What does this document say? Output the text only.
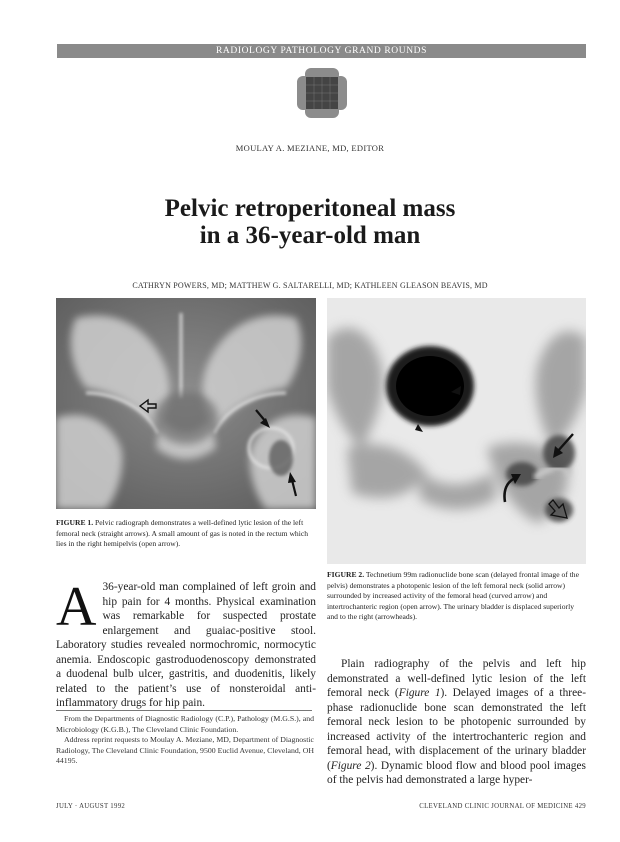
RADIOLOGY PATHOLOGY GRAND ROUNDS
MOULAY A. MEZIANE, MD, EDITOR
Pelvic retroperitoneal mass
in a 36-year-old man
CATHRYN POWERS, MD; MATTHEW G. SALTARELLI, MD; KATHLEEN GLEASON BEAVIS, MD
FIGURE 1. Pelvic radiograph demonstrates a well-defined lytic lesion of the left femoral neck (straight arrows). A small amount of gas is noted in the rectum which lies in the right hemipelvis (open arrow).
FIGURE 2. Technetium 99m radionuclide bone scan (delayed frontal image of the pelvis) demonstrates a photopenic lesion of the left femoral neck (solid arrow) surrounded by increased activity of the femoral head (curved arrow) and intertrochanteric region (open arrow). The urinary bladder is displaced superiorly and to the right (arrowheads).
A 36-year-old man complained of left groin and hip pain for 4 months. Physical examination was remarkable for suspected prostate enlargement and guaiac-positive stool. Laboratory studies revealed normochromic, normocytic anemia. Endoscopic gastroduodenoscopy demonstrated a duodenal bulb ulcer, gastritis, and duodenitis, likely related to the patient’s use of nonsteroidal anti-inflammatory drugs for hip pain.

From the Departments of Diagnostic Radiology (C.P.), Pathology (M.G.S.), and Microbiology (K.G.B.), The Cleveland Clinic Foundation.

Address reprint requests to Moulay A. Meziane, MD, Department of Diagnostic Radiology, The Cleveland Clinic Foundation, 9500 Euclid Avenue, Cleveland, OH 44195.

Plain radiography of the pelvis and left hip demonstrated a well-defined lytic lesion of the left femoral neck (Figure 1). Delayed images of a three-phase radionuclide bone scan demonstrated the left femoral neck lesion to be photopenic surrounded by increased activity of the intertrochanteric region and femoral head, with displacement of the urinary bladder (Figure 2). Dynamic blood flow and blood pool images of the pelvis had demonstrated a large hyper-
JULY · AUGUST 1992	CLEVELAND CLINIC JOURNAL OF MEDICINE 429
